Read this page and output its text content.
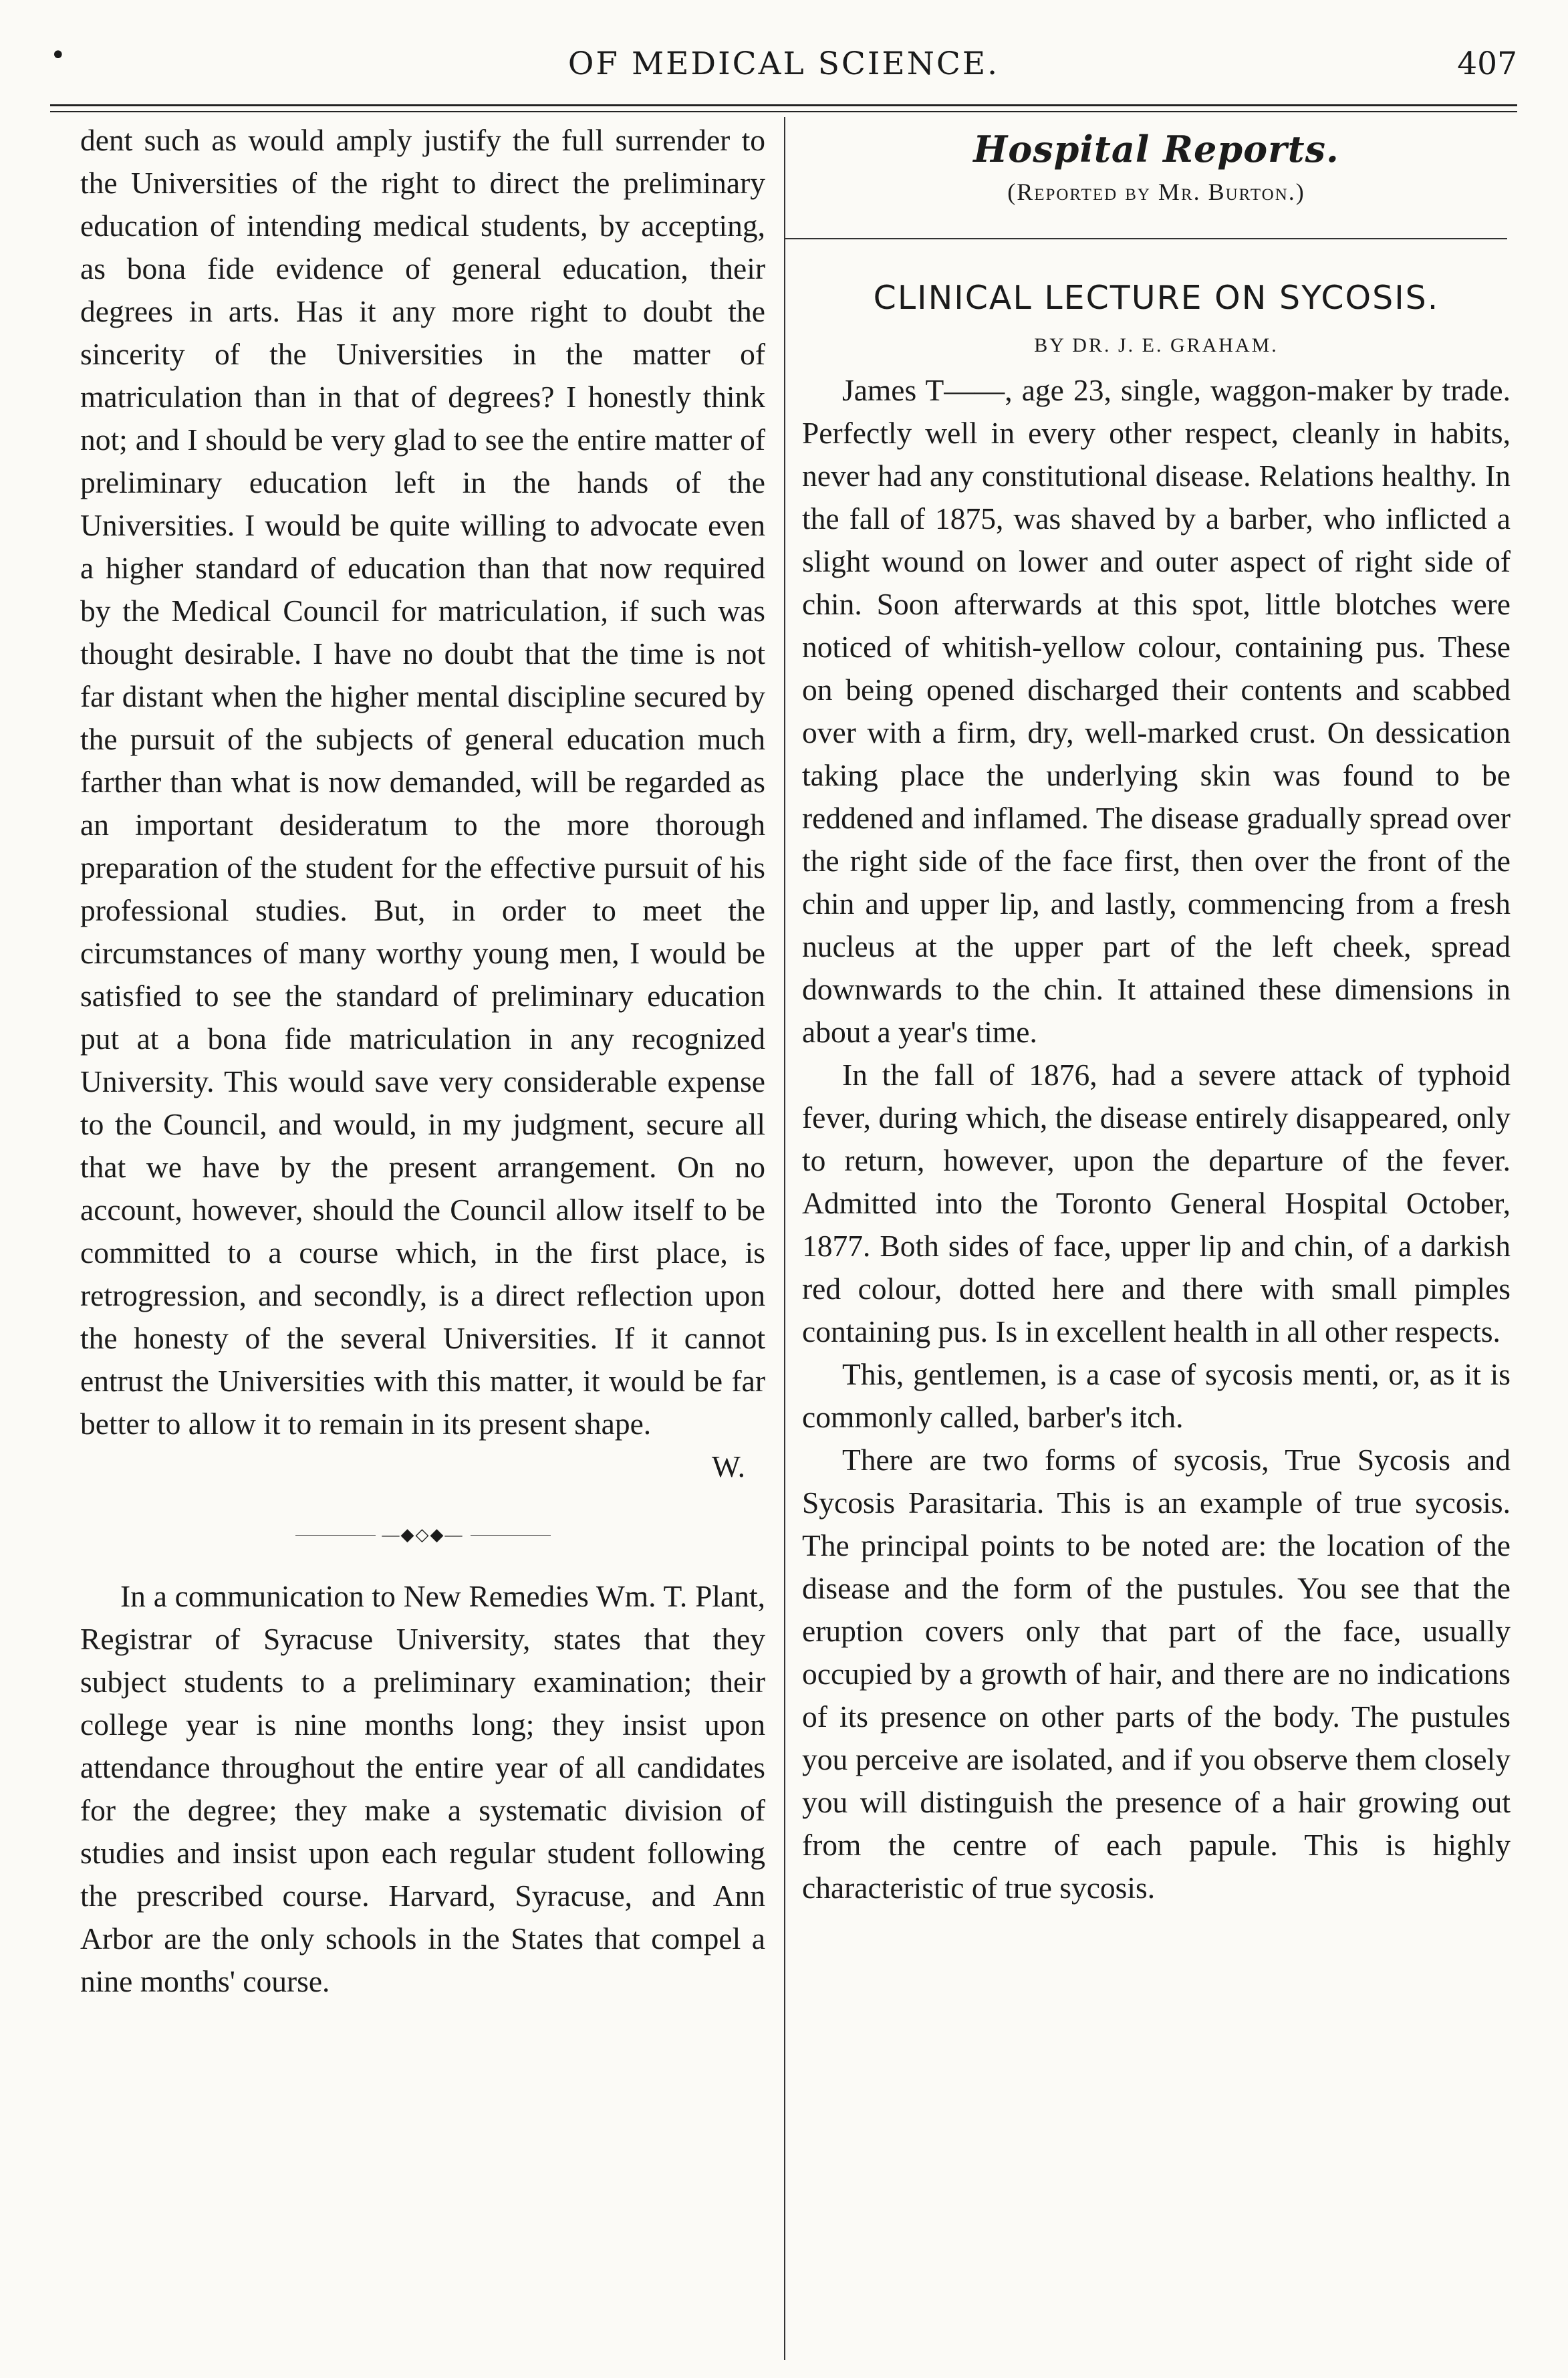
•	OF MEDICAL SCIENCE.	407

dent such as would amply justify the full surrender to the Universities of the right to direct the preliminary education of intending medical students, by accepting, as bona fide evidence of general education, their degrees in arts. Has it any more right to doubt the sincerity of the Universities in the matter of matriculation than in that of degrees? I honestly think not; and I should be very glad to see the entire matter of preliminary education left in the hands of the Universities. I would be quite willing to advocate even a higher standard of education than that now required by the Medical Council for matriculation, if such was thought desirable. I have no doubt that the time is not far distant when the higher mental discipline secured by the pursuit of the subjects of general education much farther than what is now demanded, will be regarded as an important desideratum to the more thorough preparation of the student for the effective pursuit of his professional studies. But, in order to meet the circumstances of many worthy young men, I would be satisfied to see the standard of preliminary education put at a bona fide matriculation in any recognized University. This would save very considerable expense to the Council, and would, in my judgment, secure all that we have by the present arrangement. On no account, however, should the Council allow itself to be committed to a course which, in the first place, is retrogression, and secondly, is a direct reflection upon the honesty of the several Universities. If it cannot entrust the Universities with this matter, it would be far better to allow it to remain in its present shape.

W.

—◆◇◆—

In a communication to New Remedies Wm. T. Plant, Registrar of Syracuse University, states that they subject students to a preliminary examination; their college year is nine months long; they insist upon attendance throughout the entire year of all candidates for the degree; they make a systematic division of studies and insist upon each regular student following the prescribed course. Harvard, Syracuse, and Ann Arbor are the only schools in the States that compel a nine months' course.

Hospital Reports.
(Reported by Mr. Burton.)
CLINICAL LECTURE ON SYCOSIS.
BY DR. J. E. GRAHAM.

James T——, age 23, single, waggon-maker by trade. Perfectly well in every other respect, cleanly in habits, never had any constitutional disease. Relations healthy. In the fall of 1875, was shaved by a barber, who inflicted a slight wound on lower and outer aspect of right side of chin. Soon afterwards at this spot, little blotches were noticed of whitish-yellow colour, containing pus. These on being opened discharged their contents and scabbed over with a firm, dry, well-marked crust. On dessication taking place the underlying skin was found to be reddened and inflamed. The disease gradually spread over the right side of the face first, then over the front of the chin and upper lip, and lastly, commencing from a fresh nucleus at the upper part of the left cheek, spread downwards to the chin. It attained these dimensions in about a year's time.

In the fall of 1876, had a severe attack of typhoid fever, during which, the disease entirely disappeared, only to return, however, upon the departure of the fever. Admitted into the Toronto General Hospital October, 1877. Both sides of face, upper lip and chin, of a darkish red colour, dotted here and there with small pimples containing pus. Is in excellent health in all other respects.

This, gentlemen, is a case of sycosis menti, or, as it is commonly called, barber's itch.

There are two forms of sycosis, True Sycosis and Sycosis Parasitaria. This is an example of true sycosis. The principal points to be noted are: the location of the disease and the form of the pustules. You see that the eruption covers only that part of the face, usually occupied by a growth of hair, and there are no indications of its presence on other parts of the body. The pustules you perceive are isolated, and if you observe them closely you will distinguish the presence of a hair growing out from the centre of each papule. This is highly characteristic of true sycosis.
